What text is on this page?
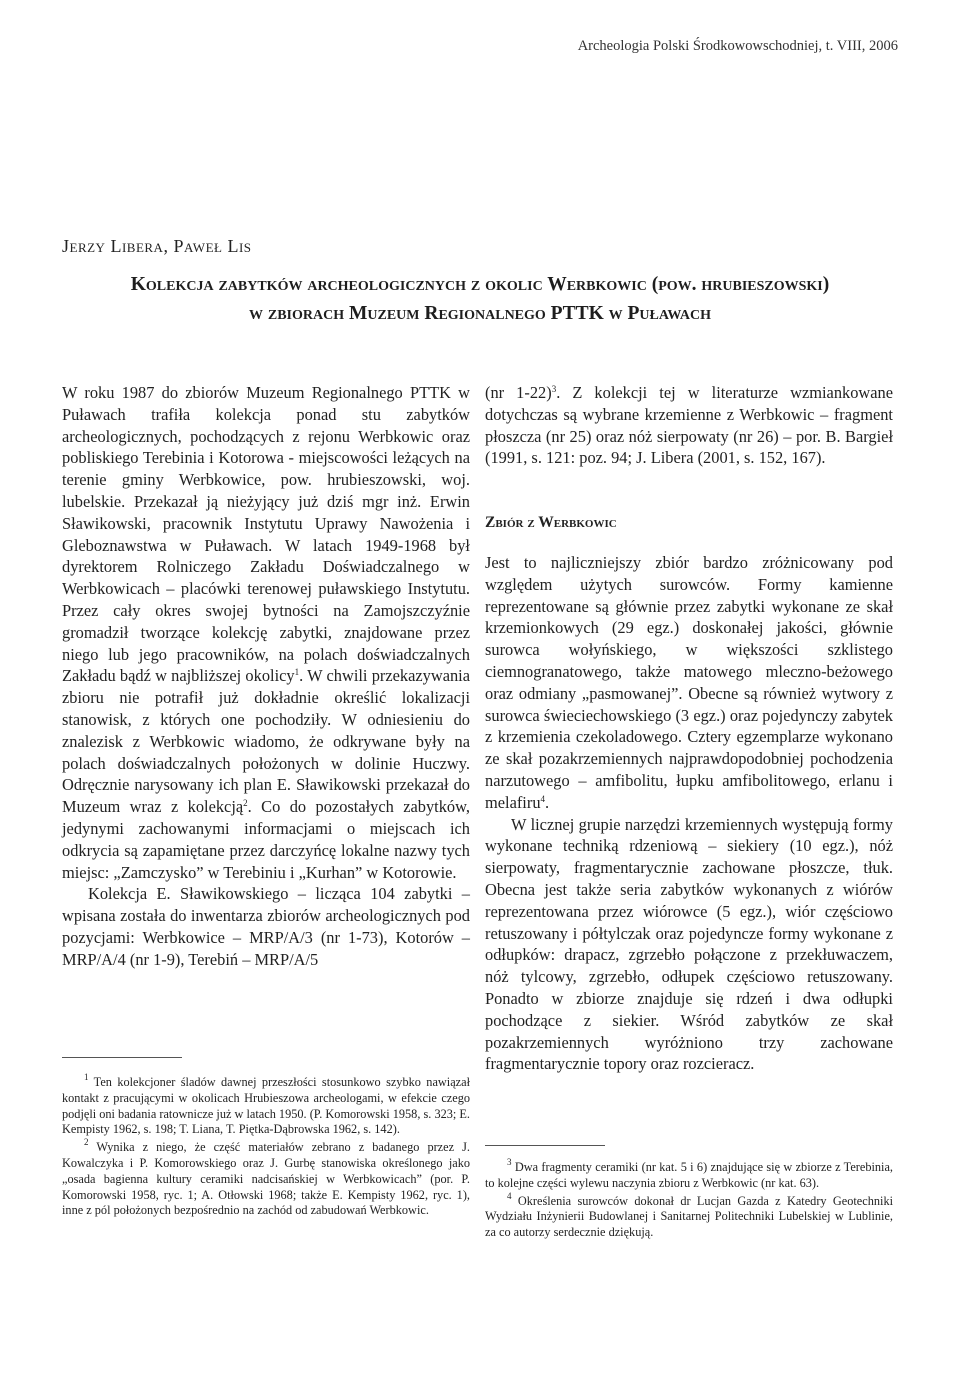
Archeologia Polski Środkowowschodniej, t. VIII, 2006
Jerzy Libera, Paweł Lis
Kolekcja zabytków archeologicznych z okolic Werbkowic (pow. hrubieszowski)
w zbiorach Muzeum Regionalnego PTTK w Puławach

W roku 1987 do zbiorów Muzeum Regionalnego PTTK w Puławach trafiła kolekcja ponad stu zabytków archeologicznych, pochodzących z rejonu Werbkowic oraz pobliskiego Terebinia i Kotorowa - miejscowości leżących na terenie gminy Werbkowice, pow. hrubieszowski, woj. lubelskie. Przekazał ją nieżyjący już dziś mgr inż. Erwin Sławikowski, pracownik Instytutu Uprawy Nawożenia i Gleboznawstwa w Puławach. W latach 1949-1968 był dyrektorem Rolniczego Zakładu Doświadczalnego w Werbkowicach – placówki terenowej puławskiego Instytutu. Przez cały okres swojej bytności na Zamojszczyźnie gromadził tworzące kolekcję zabytki, znajdowane przez niego lub jego pracowników, na polach doświadczalnych Zakładu bądź w najbliższej okolicy$^1$. W chwili przekazywania zbioru nie potrafił już dokładnie określić lokalizacji stanowisk, z których one pochodziły. W odniesieniu do znalezisk z Werbkowic wiadomo, że odkrywane były na polach doświadczalnych położonych w dolinie Huczwy. Odręcznie narysowany ich plan E. Sławikowski przekazał do Muzeum wraz z kolekcją$^2$. Co do pozostałych zabytków, jedynymi zachowanymi informacjami o miejscach ich odkrycia są zapamiętane przez darczyńcę lokalne nazwy tych miejsc: „Zamczysko” w Terebiniu i „Kurhan” w Kotorowie.

Kolekcja E. Sławikowskiego – licząca 104 zabytki – wpisana została do inwentarza zbiorów archeologicznych pod pozycjami: Werbkowice – MRP/A/3 (nr 1-73), Kotorów – MRP/A/4 (nr 1-9), Terebiń – MRP/A/5

$^1$ Ten kolekcjoner śladów dawnej przeszłości stosunkowo szybko nawiązał kontakt z pracującymi w okolicach Hrubieszowa archeologami, w efekcie czego podjęli oni badania ratownicze już w latach 1950. (P. Komorowski 1958, s. 323; E. Kempisty 1962, s. 198; T. Liana, T. Piętka-Dąbrowska 1962, s. 142).

$^2$ Wynika z niego, że część materiałów zebrano z badanego przez J. Kowalczyka i P. Komorowskiego oraz J. Gurbę stanowiska określonego jako „osada bagienna kultury ceramiki nadcisańskiej w Werbkowicach” (por. P. Komorowski 1958, ryc. 1; A. Otłowski 1968; także E. Kempisty 1962, ryc. 1), inne z pól położonych bezpośrednio na zachód od zabudowań Werbkowic.

(nr 1-22)$^3$. Z kolekcji tej w literaturze wzmiankowane dotychczas są wybrane krzemienne z Werbkowic – fragment płoszcza (nr 25) oraz nóż sierpowaty (nr 26) – por. B. Bargieł (1991, s. 121: poz. 94; J. Libera (2001, s. 152, 167).

Zbiór z Werbkowic

Jest to najliczniejszy zbiór bardzo zróżnicowany pod względem użytych surowców. Formy kamienne reprezentowane są głównie przez zabytki wykonane ze skał krzemionkowych (29 egz.) doskonałej jakości, głównie surowca wołyńskiego, w większości szklistego ciemnogranatowego, także matowego mleczno-beżowego oraz odmiany „pasmowanej”. Obecne są również wytwory z surowca świeciechowskiego (3 egz.) oraz pojedynczy zabytek z krzemienia czekoladowego. Cztery egzemplarze wykonano ze skał pozakrzemiennych najprawdopodobniej pochodzenia narzutowego – amfibolitu, łupku amfibolitowego, erlanu i melafiru$^4$.

W licznej grupie narzędzi krzemiennych występują formy wykonane techniką rdzeniową – siekiery (10 egz.), nóż sierpowaty, fragmentarycznie zachowane płoszcze, tłuk. Obecna jest także seria zabytków wykonanych z wiórów reprezentowana przez wiórowce (5 egz.), wiór częściowo retuszowany i półtylczak oraz pojedyncze formy wykonane z odłupków: drapacz, zgrzebło połączone z przekłuwaczem, nóż tylcowy, zgrzebło, odłupek częściowo retuszowany. Ponadto w zbiorze znajduje się rdzeń i dwa odłupki pochodzące z siekier. Wśród zabytków ze skał pozakrzemiennych wyróżniono trzy zachowane fragmentarycznie topory oraz rozcieracz.

$^3$ Dwa fragmenty ceramiki (nr kat. 5 i 6) znajdujące się w zbiorze z Terebinia, to kolejne części wylewu naczynia zbioru z Werbkowic (nr kat. 63).

$^4$ Określenia surowców dokonał dr Lucjan Gazda z Katedry Geotechniki Wydziału Inżynierii Budowlanej i Sanitarnej Politechniki Lubelskiej w Lublinie, za co autorzy serdecznie dziękują.
